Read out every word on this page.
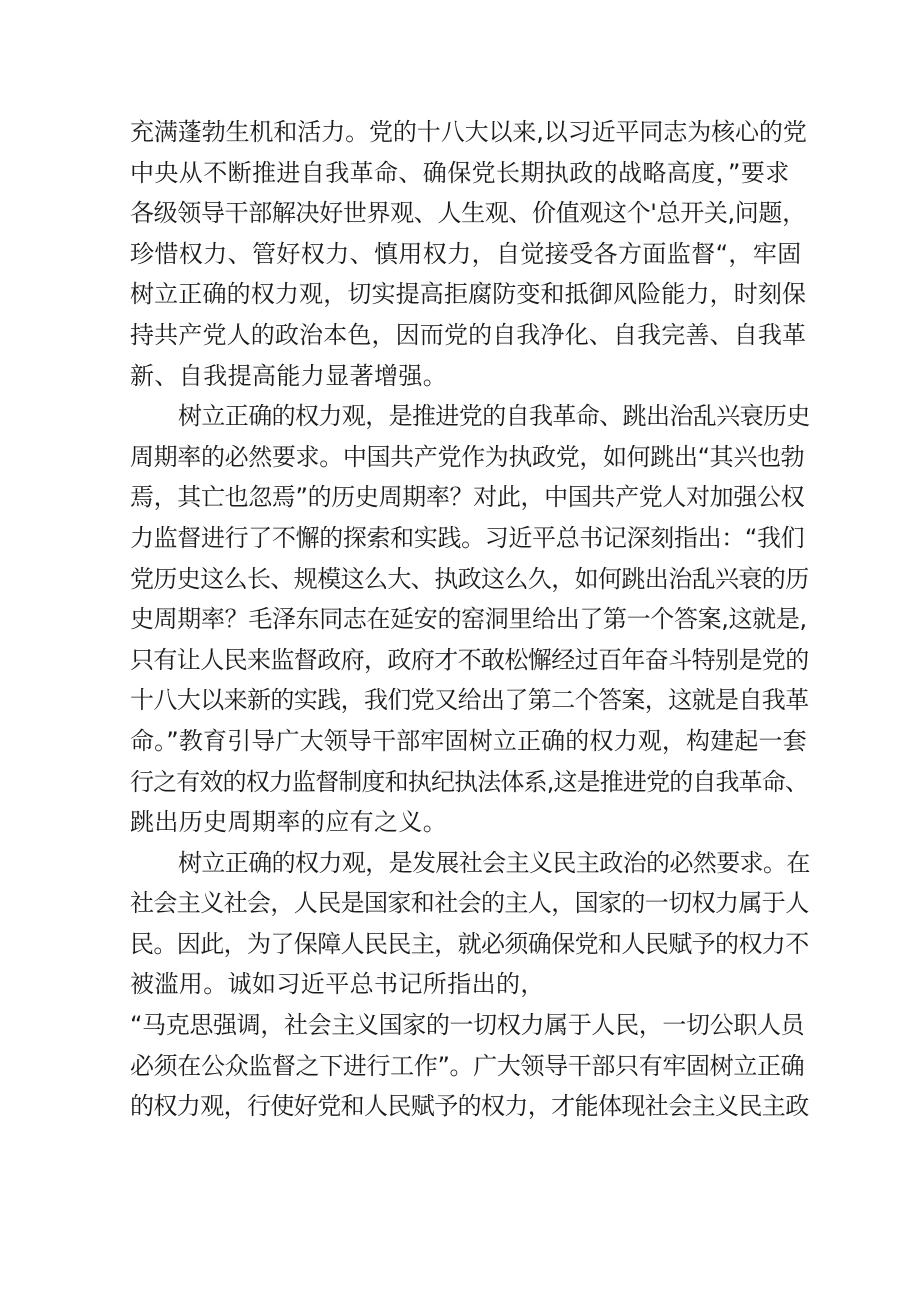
充满蓬勃生机和活力。党的十八大以来,以习近平同志为核心的党
中央从不断推进自我革命、确保党长期执政的战略高度，”要求
各级领导干部解决好世界观、人生观、价值观这个'总开关,问题，
珍惜权力、管好权力、慎用权力，自觉接受各方面监督“，牢固
树立正确的权力观，切实提高拒腐防变和抵御风险能力，时刻保
持共产党人的政治本色，因而党的自我净化、自我完善、自我革
新、自我提高能力显著增强。

树立正确的权力观，是推进党的自我革命、跳出治乱兴衰历史
周期率的必然要求。中国共产党作为执政党，如何跳出“其兴也勃
焉，其亡也忽焉”的历史周期率？对此，中国共产党人对加强公权
力监督进行了不懈的探索和实践。习近平总书记深刻指出：“我们
党历史这么长、规模这么大、执政这么久，如何跳出治乱兴衰的历
史周期率？毛泽东同志在延安的窑洞里给出了第一个答案,这就是,
只有让人民来监督政府，政府才不敢松懈经过百年奋斗特别是党的
十八大以来新的实践，我们党又给出了第二个答案，这就是自我革
命。”教育引导广大领导干部牢固树立正确的权力观，构建起一套
行之有效的权力监督制度和执纪执法体系,这是推进党的自我革命、
跳出历史周期率的应有之义。

树立正确的权力观，是发展社会主义民主政治的必然要求。在
社会主义社会，人民是国家和社会的主人，国家的一切权力属于人
民。因此，为了保障人民民主，就必须确保党和人民赋予的权力不
被滥用。诚如习近平总书记所指出的，
“马克思强调，社会主义国家的一切权力属于人民，一切公职人员
必须在公众监督之下进行工作”。广大领导干部只有牢固树立正确
的权力观，行使好党和人民赋予的权力，才能体现社会主义民主政
